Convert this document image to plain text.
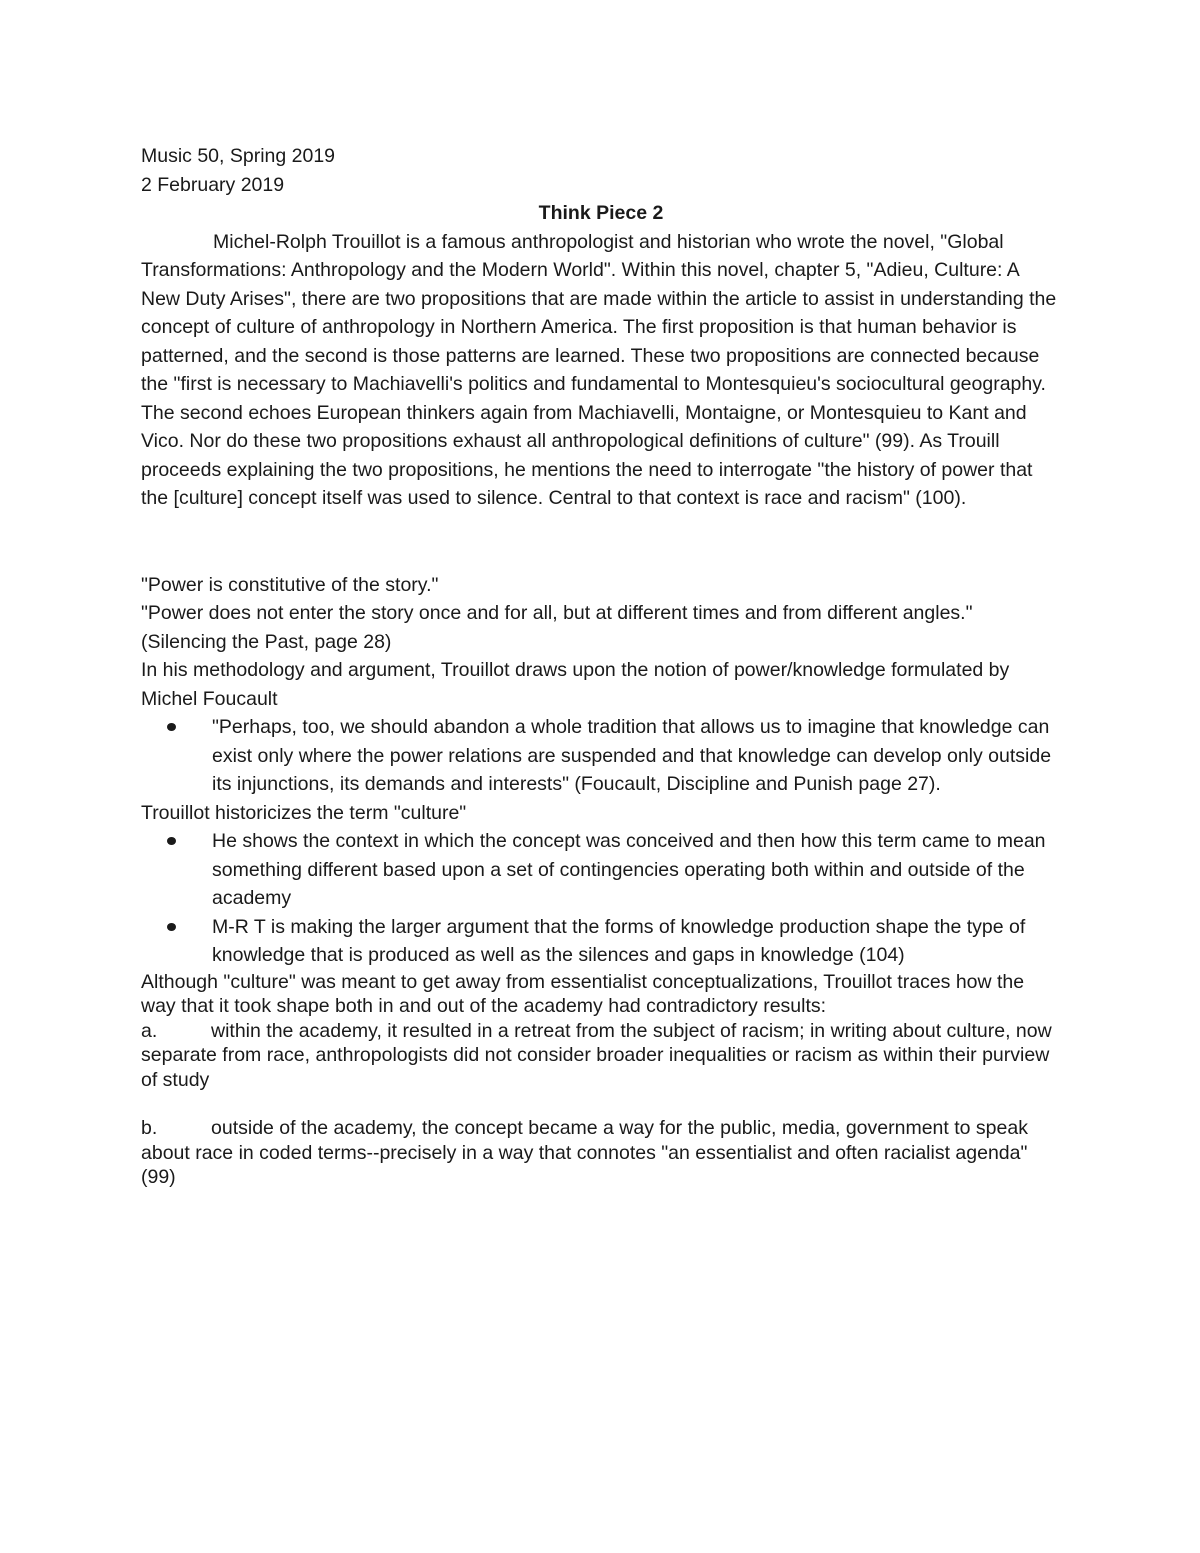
Music 50, Spring 2019

2 February 2019

Think Piece 2

Michel-Rolph Trouillot is a famous anthropologist and historian who wrote the novel, "Global Transformations: Anthropology and the Modern World". Within this novel, chapter 5, "Adieu, Culture: A New Duty Arises", there are two propositions that are made within the article to assist in understanding the concept of culture of anthropology in Northern America. The first proposition is that human behavior is patterned, and the second is those patterns are learned. These two propositions are connected because the "first is necessary to Machiavelli's politics and fundamental to Montesquieu's sociocultural geography. The second echoes European thinkers again from Machiavelli, Montaigne, or Montesquieu to Kant and Vico. Nor do these two propositions exhaust all anthropological definitions of culture" (99). As Trouill proceeds explaining the two propositions, he mentions the need to interrogate "the history of power that the [culture] concept itself was used to silence. Central to that context is race and racism" (100).

"Power is constitutive of the story."

"Power does not enter the story once and for all, but at different times and from different angles." (Silencing the Past, page 28)

In his methodology and argument, Trouillot draws upon the notion of power/knowledge formulated by Michel Foucault

"Perhaps, too, we should abandon a whole tradition that allows us to imagine that knowledge can exist only where the power relations are suspended and that knowledge can develop only outside its injunctions, its demands and interests" (Foucault, Discipline and Punish page 27).

Trouillot historicizes the term "culture"

He shows the context in which the concept was conceived and then how this term came to mean something different based upon a set of contingencies operating both within and outside of the academy
M-R T is making the larger argument that the forms of knowledge production shape the type of knowledge that is produced as well as the silences and gaps in knowledge (104)

Although "culture" was meant to get away from essentialist conceptualizations, Trouillot traces how the way that it took shape both in and out of the academy had contradictory results:

a.	within the academy, it resulted in a retreat from the subject of racism; in writing about culture, now separate from race, anthropologists did not consider broader inequalities or racism as within their purview of study

b.	outside of the academy, the concept became a way for the public, media, government to speak about race in coded terms--precisely in a way that connotes "an essentialist and often racialist agenda" (99)
